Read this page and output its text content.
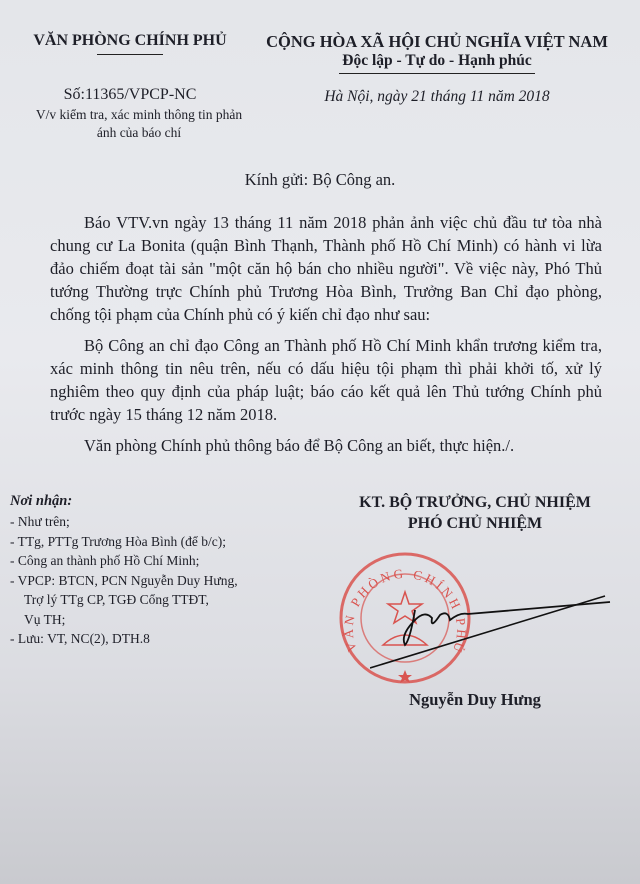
VĂN PHÒNG CHÍNH PHỦ	CỘNG HÒA XÃ HỘI CHỦ NGHĨA VIỆT NAM
Độc lập - Tự do - Hạnh phúc
Số:11365/VPCP-NC
V/v kiểm tra, xác minh thông tin phản ánh của báo chí
Hà Nội, ngày 21 tháng 11 năm 2018
Kính gửi: Bộ Công an.

Báo VTV.vn ngày 13 tháng 11 năm 2018 phản ảnh việc chủ đầu tư tòa nhà chung cư La Bonita (quận Bình Thạnh, Thành phố Hồ Chí Minh) có hành vi lừa đảo chiếm đoạt tài sản "một căn hộ bán cho nhiều người". Về việc này, Phó Thủ tướng Thường trực Chính phủ Trương Hòa Bình, Trưởng Ban Chỉ đạo phòng, chống tội phạm của Chính phủ có ý kiến chỉ đạo như sau:

Bộ Công an chỉ đạo Công an Thành phố Hồ Chí Minh khẩn trương kiểm tra, xác minh thông tin nêu trên, nếu có dấu hiệu tội phạm thì phải khởi tố, xử lý nghiêm theo quy định của pháp luật; báo cáo kết quả lên Thủ tướng Chính phủ trước ngày 15 tháng 12 năm 2018.

Văn phòng Chính phủ thông báo để Bộ Công an biết, thực hiện./.

Nơi nhận:
- Như trên;
- TTg, PTTg Trương Hòa Bình (để b/c);
- Công an thành phố Hồ Chí Minh;
- VPCP: BTCN, PCN Nguyễn Duy Hưng,
Trợ lý TTg CP, TGĐ Cổng TTĐT,
Vụ TH;
- Lưu: VT, NC(2), DTH.8
KT. BỘ TRƯỞNG, CHỦ NHIỆM
PHÓ CHỦ NHIỆM
VĂN PHÒNG CHÍNH PHỦ
Nguyễn Duy Hưng
